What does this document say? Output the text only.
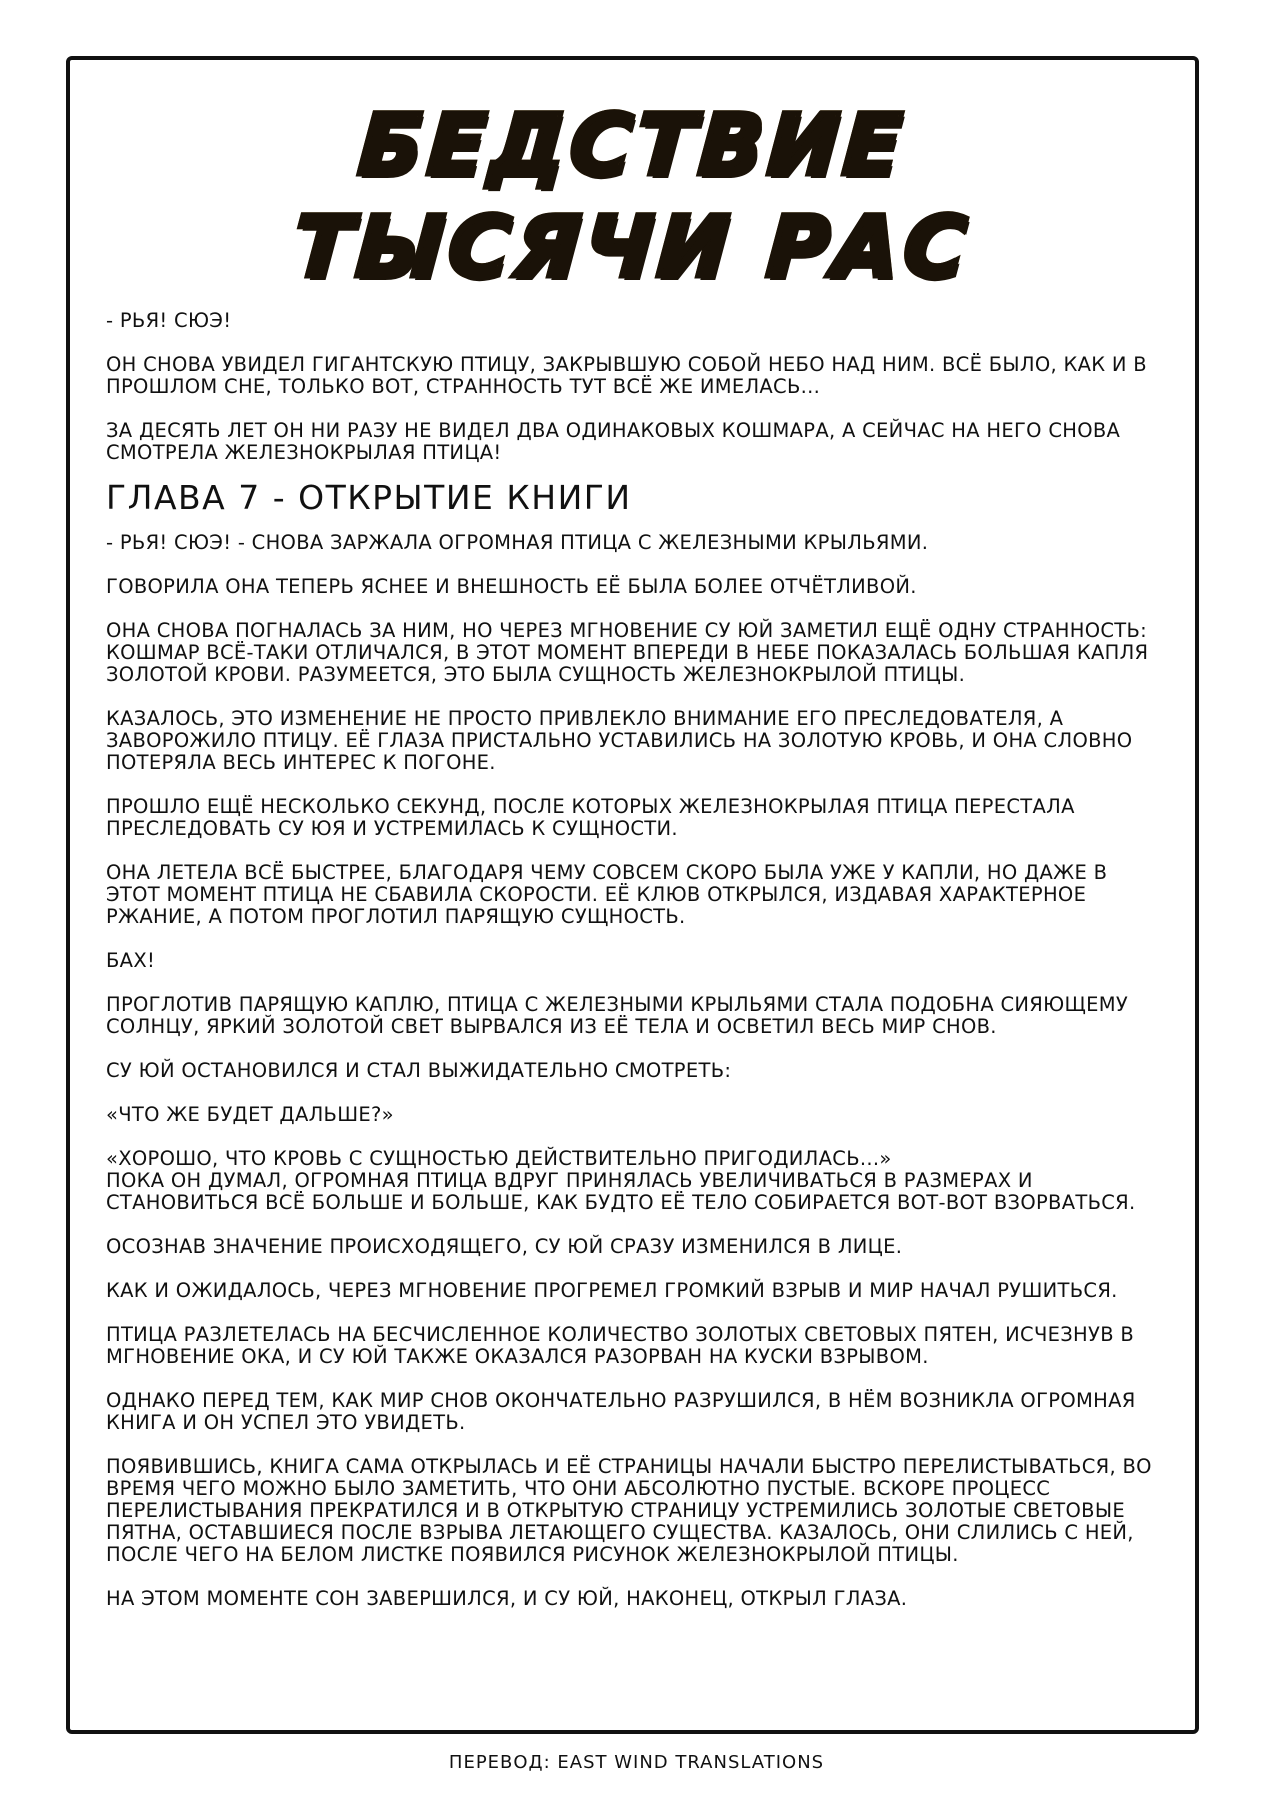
БЕДСТВИЕ
ТЫСЯЧИ РАС

- РЬЯ! СЮЭ!

ОН СНОВА УВИДЕЛ ГИГАНТСКУЮ ПТИЦУ, ЗАКРЫВШУЮ СОБОЙ НЕБО НАД НИМ. ВСЁ БЫЛО, КАК И В ПРОШЛОМ СНЕ, ТОЛЬКО ВОТ, СТРАННОСТЬ ТУТ ВСЁ ЖЕ ИМЕЛАСЬ...

ЗА ДЕСЯТЬ ЛЕТ ОН НИ РАЗУ НЕ ВИДЕЛ ДВА ОДИНАКОВЫХ КОШМАРА, А СЕЙЧАС НА НЕГО СНОВА СМОТРЕЛА ЖЕЛЕЗНОКРЫЛАЯ ПТИЦА!

ГЛАВА 7 - ОТКРЫТИЕ КНИГИ

- РЬЯ! СЮЭ! - СНОВА ЗАРЖАЛА ОГРОМНАЯ ПТИЦА С ЖЕЛЕЗНЫМИ КРЫЛЬЯМИ.

ГОВОРИЛА ОНА ТЕПЕРЬ ЯСНЕЕ И ВНЕШНОСТЬ ЕЁ БЫЛА БОЛЕЕ ОТЧЁТЛИВОЙ.

ОНА СНОВА ПОГНАЛАСЬ ЗА НИМ, НО ЧЕРЕЗ МГНОВЕНИЕ СУ ЮЙ ЗАМЕТИЛ ЕЩЁ ОДНУ СТРАННОСТЬ: КОШМАР ВСЁ-ТАКИ ОТЛИЧАЛСЯ, В ЭТОТ МОМЕНТ ВПЕРЕДИ В НЕБЕ ПОКАЗАЛАСЬ БОЛЬШАЯ КАПЛЯ ЗОЛОТОЙ КРОВИ. РАЗУМЕЕТСЯ, ЭТО БЫЛА СУЩНОСТЬ ЖЕЛЕЗНОКРЫЛОЙ ПТИЦЫ.

КАЗАЛОСЬ, ЭТО ИЗМЕНЕНИЕ НЕ ПРОСТО ПРИВЛЕКЛО ВНИМАНИЕ ЕГО ПРЕСЛЕДОВАТЕЛЯ, А ЗАВОРОЖИЛО ПТИЦУ. ЕЁ ГЛАЗА ПРИСТАЛЬНО УСТАВИЛИСЬ НА ЗОЛОТУЮ КРОВЬ, И ОНА СЛОВНО ПОТЕРЯЛА ВЕСЬ ИНТЕРЕС К ПОГОНЕ.

ПРОШЛО ЕЩЁ НЕСКОЛЬКО СЕКУНД, ПОСЛЕ КОТОРЫХ ЖЕЛЕЗНОКРЫЛАЯ ПТИЦА ПЕРЕСТАЛА ПРЕСЛЕДОВАТЬ СУ ЮЯ И УСТРЕМИЛАСЬ К СУЩНОСТИ.

ОНА ЛЕТЕЛА ВСЁ БЫСТРЕЕ, БЛАГОДАРЯ ЧЕМУ СОВСЕМ СКОРО БЫЛА УЖЕ У КАПЛИ, НО ДАЖЕ В ЭТОТ МОМЕНТ ПТИЦА НЕ СБАВИЛА СКОРОСТИ. ЕЁ КЛЮВ ОТКРЫЛСЯ, ИЗДАВАЯ ХАРАКТЕРНОЕ РЖАНИЕ, А ПОТОМ ПРОГЛОТИЛ ПАРЯЩУЮ СУЩНОСТЬ.

БАХ!

ПРОГЛОТИВ ПАРЯЩУЮ КАПЛЮ, ПТИЦА С ЖЕЛЕЗНЫМИ КРЫЛЬЯМИ СТАЛА ПОДОБНА СИЯЮЩЕМУ СОЛНЦУ, ЯРКИЙ ЗОЛОТОЙ СВЕТ ВЫРВАЛСЯ ИЗ ЕЁ ТЕЛА И ОСВЕТИЛ ВЕСЬ МИР СНОВ.

СУ ЮЙ ОСТАНОВИЛСЯ И СТАЛ ВЫЖИДАТЕЛЬНО СМОТРЕТЬ:

«ЧТО ЖЕ БУДЕТ ДАЛЬШЕ?»

«ХОРОШО, ЧТО КРОВЬ С СУЩНОСТЬЮ ДЕЙСТВИТЕЛЬНО ПРИГОДИЛАСЬ...»

ПОКА ОН ДУМАЛ, ОГРОМНАЯ ПТИЦА ВДРУГ ПРИНЯЛАСЬ УВЕЛИЧИВАТЬСЯ В РАЗМЕРАХ И СТАНОВИТЬСЯ ВСЁ БОЛЬШЕ И БОЛЬШЕ, КАК БУДТО ЕЁ ТЕЛО СОБИРАЕТСЯ ВОТ-ВОТ ВЗОРВАТЬСЯ.

ОСОЗНАВ ЗНАЧЕНИЕ ПРОИСХОДЯЩЕГО, СУ ЮЙ СРАЗУ ИЗМЕНИЛСЯ В ЛИЦЕ.

КАК И ОЖИДАЛОСЬ, ЧЕРЕЗ МГНОВЕНИЕ ПРОГРЕМЕЛ ГРОМКИЙ ВЗРЫВ И МИР НАЧАЛ РУШИТЬСЯ.

ПТИЦА РАЗЛЕТЕЛАСЬ НА БЕСЧИСЛЕННОЕ КОЛИЧЕСТВО ЗОЛОТЫХ СВЕТОВЫХ ПЯТЕН, ИСЧЕЗНУВ В МГНОВЕНИЕ ОКА, И СУ ЮЙ ТАКЖЕ ОКАЗАЛСЯ РАЗОРВАН НА КУСКИ ВЗРЫВОМ.

ОДНАКО ПЕРЕД ТЕМ, КАК МИР СНОВ ОКОНЧАТЕЛЬНО РАЗРУШИЛСЯ, В НЁМ ВОЗНИКЛА ОГРОМНАЯ КНИГА И ОН УСПЕЛ ЭТО УВИДЕТЬ.

ПОЯВИВШИСЬ, КНИГА САМА ОТКРЫЛАСЬ И ЕЁ СТРАНИЦЫ НАЧАЛИ БЫСТРО ПЕРЕЛИСТЫВАТЬСЯ, ВО ВРЕМЯ ЧЕГО МОЖНО БЫЛО ЗАМЕТИТЬ, ЧТО ОНИ АБСОЛЮТНО ПУСТЫЕ. ВСКОРЕ ПРОЦЕСС ПЕРЕЛИСТЫВАНИЯ ПРЕКРАТИЛСЯ И В ОТКРЫТУЮ СТРАНИЦУ УСТРЕМИЛИСЬ ЗОЛОТЫЕ СВЕТОВЫЕ ПЯТНА, ОСТАВШИЕСЯ ПОСЛЕ ВЗРЫВА ЛЕТАЮЩЕГО СУЩЕСТВА. КАЗАЛОСЬ, ОНИ СЛИЛИСЬ С НЕЙ, ПОСЛЕ ЧЕГО НА БЕЛОМ ЛИСТКЕ ПОЯВИЛСЯ РИСУНОК ЖЕЛЕЗНОКРЫЛОЙ ПТИЦЫ.

НА ЭТОМ МОМЕНТЕ СОН ЗАВЕРШИЛСЯ, И СУ ЮЙ, НАКОНЕЦ, ОТКРЫЛ ГЛАЗА.

ПЕРЕВОД: EAST WIND TRANSLATIONS
